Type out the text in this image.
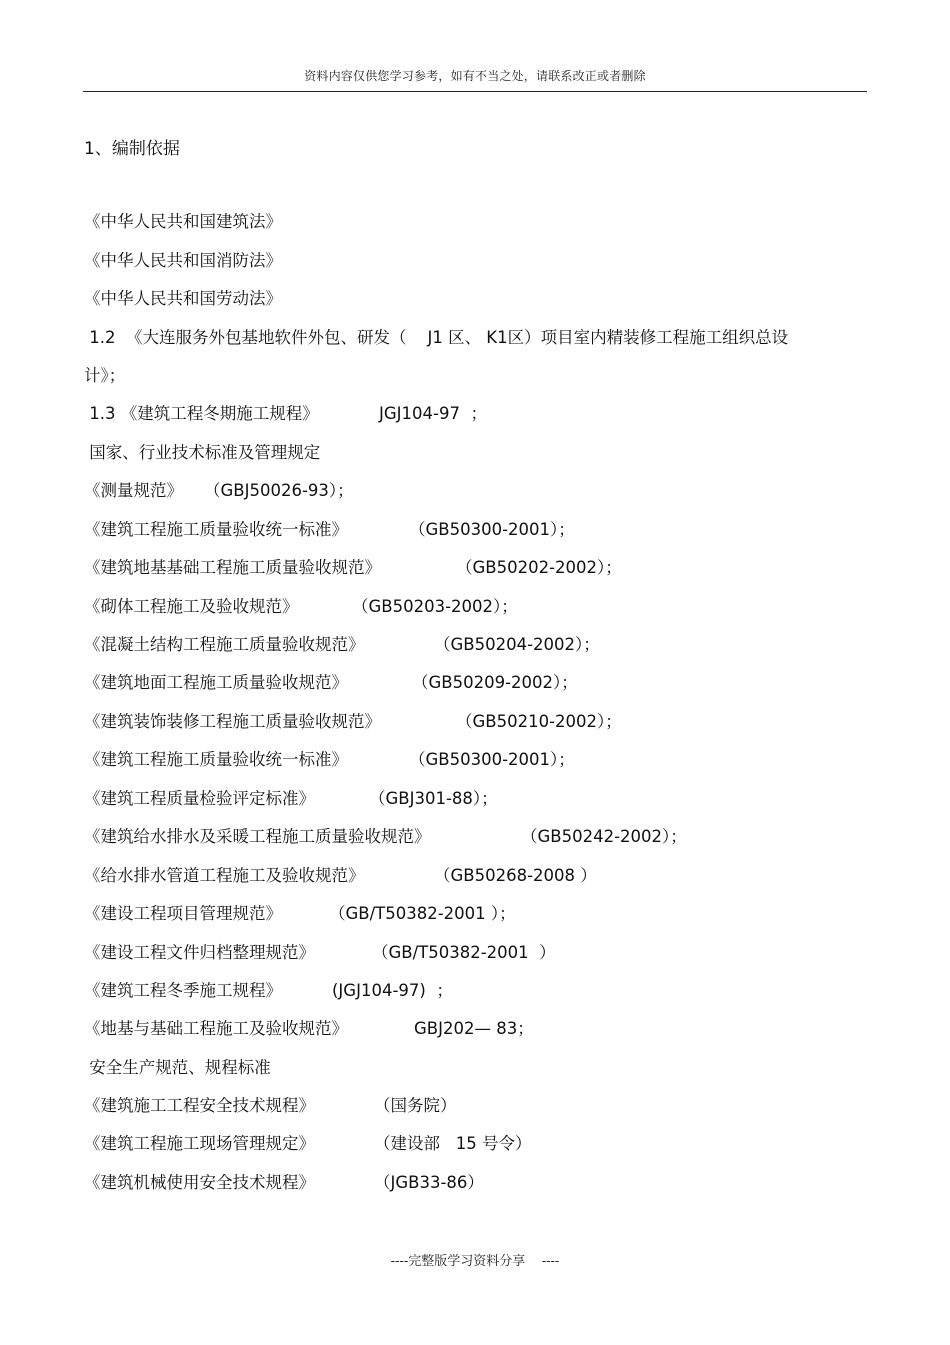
资料内容仅供您学习参考，如有不当之处，请联系改正或者删除
1、编制依据
《中华人民共和国建筑法》
《中华人民共和国消防法》
《中华人民共和国劳动法》
1.2  《大连服务外包基地软件外包、研发（    J1 区、 K1区）项目室内精装修工程施工组织总设
计》；
1.3 《建筑工程冬期施工规程》	JGJ104-97  ；
国家、行业技术标准及管理规定
《测量规范》 （GBJ50026-93）；
《建筑工程施工质量验收统一标准》	（GB50300-2001）；
《建筑地基基础工程施工质量验收规范》	（GB50202-2002）；
《砌体工程施工及验收规范》	（GB50203-2002）；
《混凝土结构工程施工质量验收规范》	（GB50204-2002）；
《建筑地面工程施工质量验收规范》	（GB50209-2002）；
《建筑装饰装修工程施工质量验收规范》	（GB50210-2002）；
《建筑工程施工质量验收统一标准》	（GB50300-2001）；
《建筑工程质量检验评定标准》	（GBJ301-88）；
《建筑给水排水及采暖工程施工质量验收规范》	（GB50242-2002）；
《给水排水管道工程施工及验收规范》	（GB50268-2008 ）
《建设工程项目管理规范》	（GB/T50382-2001 ）；
《建设工程文件归档整理规范》	（GB/T50382-2001  ）
《建筑工程冬季施工规程》	(JGJ104-97)  ；
《地基与基础工程施工及验收规范》	GBJ202— 83；
安全生产规范、规程标准
《建筑施工工程安全技术规程》	（国务院）
《建筑工程施工现场管理规定》	（建设部   15 号令）
《建筑机械使用安全技术规程》	（JGB33-86）
----完整版学习资料分享    ----
